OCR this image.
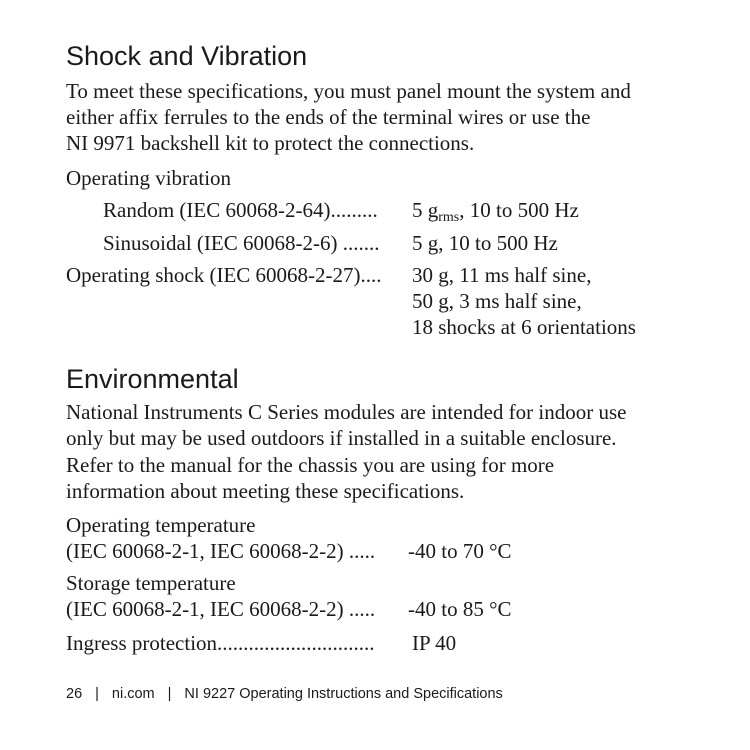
Shock and Vibration
To meet these specifications, you must panel mount the system and
either affix ferrules to the ends of the terminal wires or use the
NI 9971 backshell kit to protect the connections.
Operating vibration
Random (IEC 60068-2-64)......... 5 $g_{rms}$, 10 to 500 Hz
Sinusoidal (IEC 60068-2-6) ....... 5 g, 10 to 500 Hz
Operating shock (IEC 60068-2-27).... 30 g, 11 ms half sine,
50 g, 3 ms half sine,
18 shocks at 6 orientations
Environmental
National Instruments C Series modules are intended for indoor use
only but may be used outdoors if installed in a suitable enclosure.
Refer to the manual for the chassis you are using for more
information about meeting these specifications.
Operating temperature
(IEC 60068-2-1, IEC 60068-2-2) ..... -40 to 70 °C
Storage temperature
(IEC 60068-2-1, IEC 60068-2-2) ..... -40 to 85 °C
Ingress protection.............................. IP 40
26 | ni.com | NI 9227 Operating Instructions and Specifications
